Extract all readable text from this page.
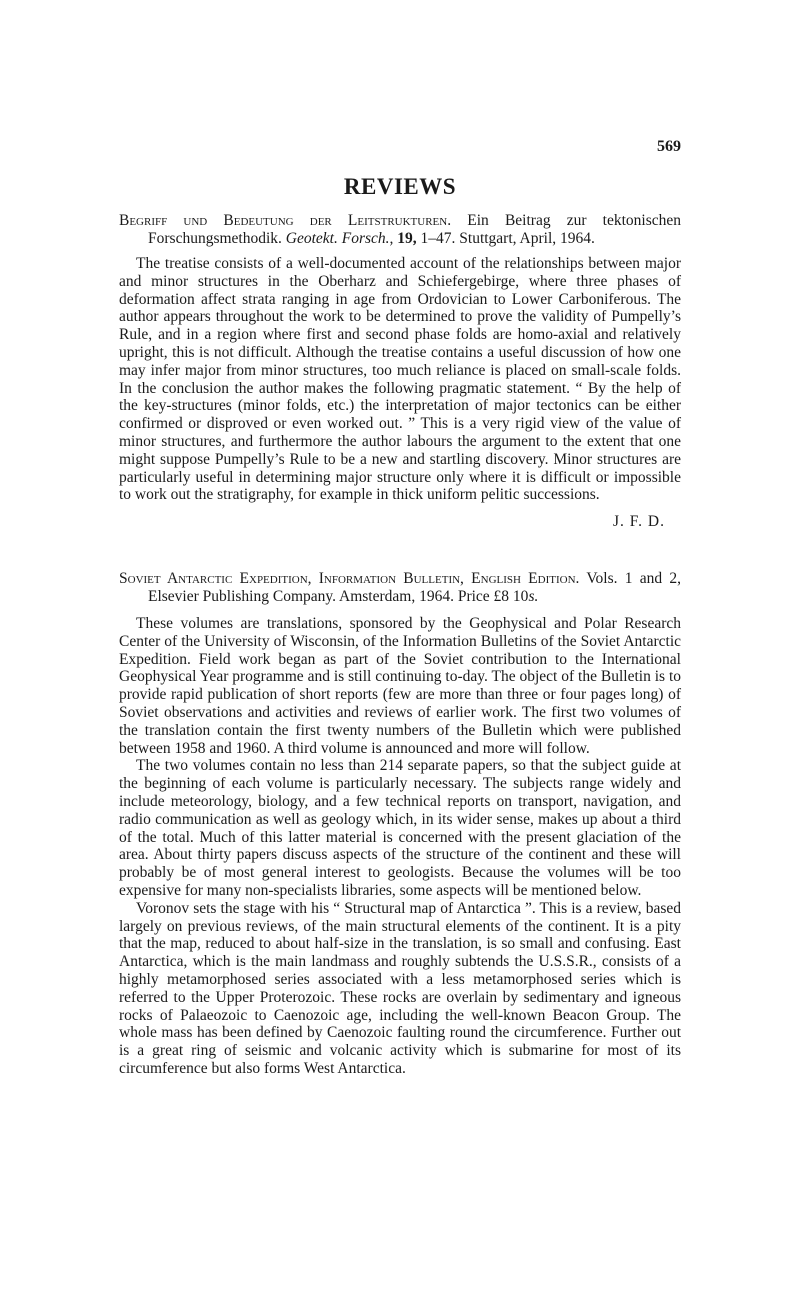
569
REVIEWS

Begriff und Bedeutung der Leitstrukturen. Ein Beitrag zur tektonischen Forschungsmethodik. Geotekt. Forsch., 19, 1–47. Stuttgart, April, 1964.

The treatise consists of a well-documented account of the relationships between major and minor structures in the Oberharz and Schiefergebirge, where three phases of deformation affect strata ranging in age from Ordovician to Lower Carboniferous. The author appears throughout the work to be determined to prove the validity of Pumpelly’s Rule, and in a region where first and second phase folds are homo-axial and relatively upright, this is not difficult. Although the treatise contains a useful discussion of how one may infer major from minor structures, too much reliance is placed on small-scale folds. In the conclusion the author makes the following pragmatic statement. “ By the help of the key-structures (minor folds, etc.) the interpretation of major tectonics can be either confirmed or disproved or even worked out. ” This is a very rigid view of the value of minor structures, and furthermore the author labours the argument to the extent that one might suppose Pumpelly’s Rule to be a new and startling discovery. Minor structures are particularly useful in determining major structure only where it is difficult or impossible to work out the stratigraphy, for example in thick uniform pelitic successions.

J. F. D.

Soviet Antarctic Expedition, Information Bulletin, English Edition. Vols. 1 and 2, Elsevier Publishing Company. Amsterdam, 1964. Price £8 10s.

These volumes are translations, sponsored by the Geophysical and Polar Research Center of the University of Wisconsin, of the Information Bulletins of the Soviet Antarctic Expedition. Field work began as part of the Soviet contribution to the International Geophysical Year programme and is still continuing to-day. The object of the Bulletin is to provide rapid publication of short reports (few are more than three or four pages long) of Soviet observations and activities and reviews of earlier work. The first two volumes of the translation contain the first twenty numbers of the Bulletin which were published between 1958 and 1960. A third volume is announced and more will follow.

The two volumes contain no less than 214 separate papers, so that the subject guide at the beginning of each volume is particularly necessary. The subjects range widely and include meteorology, biology, and a few technical reports on transport, navigation, and radio communication as well as geology which, in its wider sense, makes up about a third of the total. Much of this latter material is concerned with the present glaciation of the area. About thirty papers discuss aspects of the structure of the continent and these will probably be of most general interest to geologists. Because the volumes will be too expensive for many non-specialists libraries, some aspects will be mentioned below.

Voronov sets the stage with his “ Structural map of Antarctica ”. This is a review, based largely on previous reviews, of the main structural elements of the continent. It is a pity that the map, reduced to about half-size in the translation, is so small and confusing. East Antarctica, which is the main landmass and roughly subtends the U.S.S.R., consists of a highly metamorphosed series associated with a less metamorphosed series which is referred to the Upper Proterozoic. These rocks are overlain by sedimentary and igneous rocks of Palaeozoic to Caenozoic age, including the well-known Beacon Group. The whole mass has been defined by Caenozoic faulting round the circumference. Further out is a great ring of seismic and volcanic activity which is submarine for most of its circumference but also forms West Antarctica.
